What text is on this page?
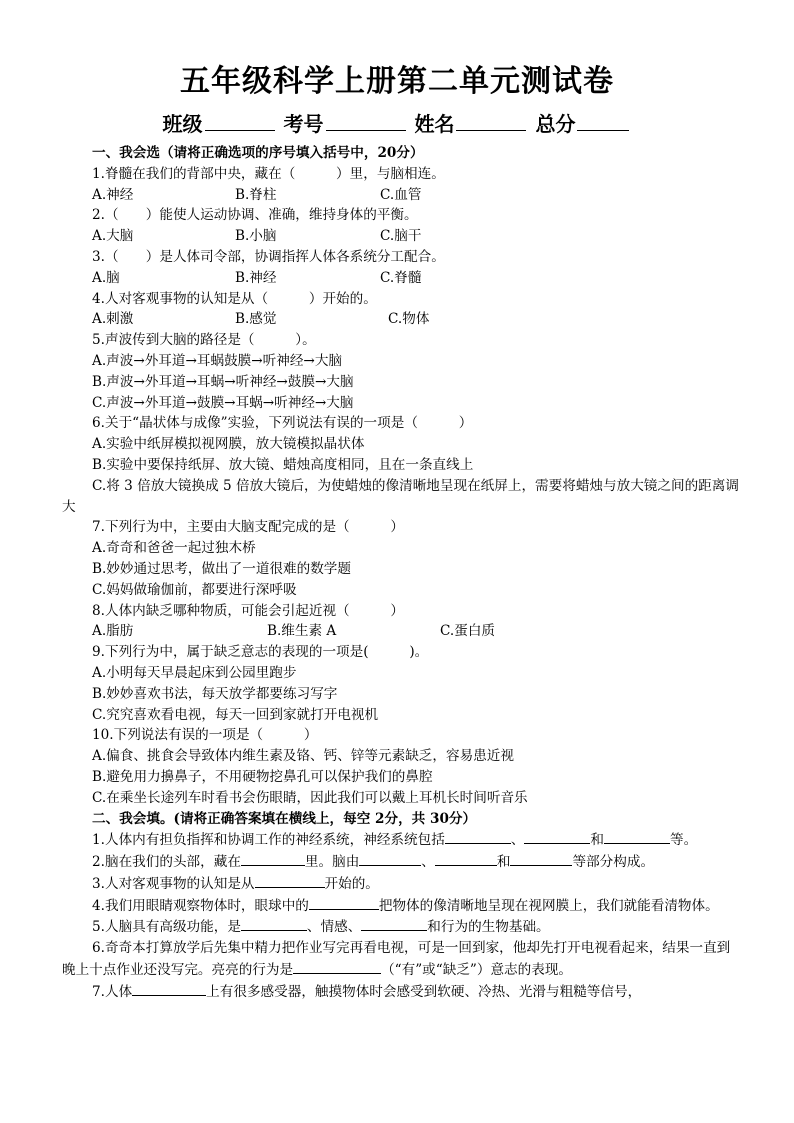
五年级科学上册第二单元测试卷
班级	考号	姓名	总分
一、我会选（请将正确选项的序号填入括号中，20分）
1.脊髓在我们的背部中央，藏在（　　　）里，与脑相连。
A.神经	B.脊柱	C.血管
2.（　　）能使人运动协调、准确，维持身体的平衡。
A.大脑	B.小脑	C.脑干
3.（　　）是人体司令部，协调指挥人体各系统分工配合。
A.脑	B.神经	C.脊髓
4.人对客观事物的认知是从（　　　）开始的。
A.刺激	B.感觉	C.物体
5.声波传到大脑的路径是（　　　）。
A.声波→外耳道→耳蜗鼓膜→听神经→大脑
B.声波→外耳道→耳蜗→听神经→鼓膜→大脑
C.声波→外耳道→鼓膜→耳蜗→听神经→大脑
6.关于“晶状体与成像”实验，下列说法有误的一项是（　　　）
A.实验中纸屏模拟视网膜，放大镜模拟晶状体
B.实验中要保持纸屏、放大镜、蜡烛高度相同，且在一条直线上
C.将 3 倍放大镜换成 5 倍放大镜后，为使蜡烛的像清晰地呈现在纸屏上，需要将蜡烛与放大镜之间的距离调大
7.下列行为中，主要由大脑支配完成的是（　　　）
A.奇奇和爸爸一起过独木桥
B.妙妙通过思考，做出了一道很难的数学题
C.妈妈做瑜伽前，都要进行深呼吸
8.人体内缺乏哪种物质，可能会引起近视（　　　）
A.脂肪	B.维生素 A	C.蛋白质
9.下列行为中，属于缺乏意志的表现的一项是(　　　)。
A.小明每天早晨起床到公园里跑步
B.妙妙喜欢书法，每天放学都要练习写字
C.究究喜欢看电视，每天一回到家就打开电视机
10.下列说法有误的一项是（　　　）
A.偏食、挑食会导致体内维生素及铬、钙、锌等元素缺乏，容易患近视
B.避免用力擤鼻子，不用硬物挖鼻孔可以保护我们的鼻腔
C.在乘坐长途列车时看书会伤眼睛，因此我们可以戴上耳机长时间听音乐
二、我会填。(请将正确答案填在横线上，每空 2分，共 30分）
1.人体内有担负指挥和协调工作的神经系统，神经系统包括	、	和	等。
2.脑在我们的头部，藏在	里。脑由	、	和	等部分构成。
3.人对客观事物的认知是从	开始的。
4.我们用眼睛观察物体时，眼球中的	把物体的像清晰地呈现在视网膜上，我们就能看清物体。
5.人脑具有高级功能，是	、情感、	和行为的生物基础。
6.奇奇本打算放学后先集中精力把作业写完再看电视，可是一回到家，他却先打开电视看起来，结果一直到晚上十点作业还没写完。亮亮的行为是	（“有”或“缺乏”）意志的表现。
7.人体	上有很多感受器，触摸物体时会感受到软硬、冷热、光滑与粗糙等信号，
